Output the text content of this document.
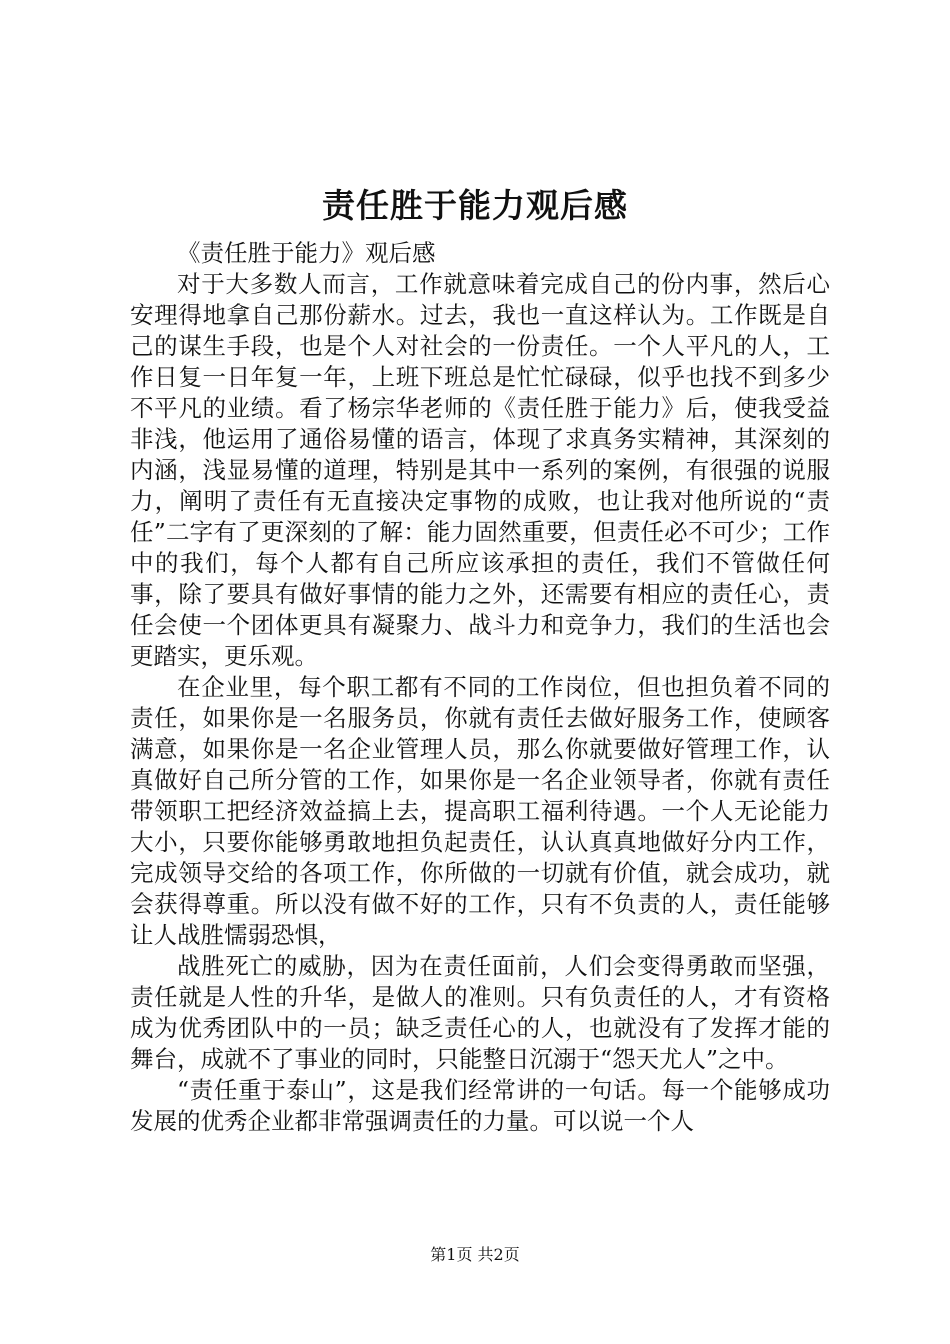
责任胜于能力观后感

《责任胜于能力》观后感

对于大多数人而言，工作就意味着完成自己的份内事，然后心安理得地拿自己那份薪水。过去，我也一直这样认为。工作既是自己的谋生手段，也是个人对社会的一份责任。一个人平凡的人，工作日复一日年复一年，上班下班总是忙忙碌碌，似乎也找不到多少不平凡的业绩。看了杨宗华老师的《责任胜于能力》后，使我受益非浅，他运用了通俗易懂的语言，体现了求真务实精神，其深刻的内涵，浅显易懂的道理，特别是其中一系列的案例，有很强的说服力，阐明了责任有无直接决定事物的成败，也让我对他所说的“责任”二字有了更深刻的了解：能力固然重要，但责任必不可少；工作中的我们，每个人都有自己所应该承担的责任，我们不管做任何事，除了要具有做好事情的能力之外，还需要有相应的责任心，责任会使一个团体更具有凝聚力、战斗力和竞争力，我们的生活也会更踏实，更乐观。

在企业里，每个职工都有不同的工作岗位，但也担负着不同的责任，如果你是一名服务员，你就有责任去做好服务工作，使顾客满意，如果你是一名企业管理人员，那么你就要做好管理工作，认真做好自己所分管的工作，如果你是一名企业领导者，你就有责任带领职工把经济效益搞上去，提高职工福利待遇。一个人无论能力大小，只要你能够勇敢地担负起责任，认认真真地做好分内工作，完成领导交给的各项工作，你所做的一切就有价值，就会成功，就会获得尊重。所以没有做不好的工作，只有不负责的人，责任能够让人战胜懦弱恐惧，

战胜死亡的威胁，因为在责任面前，人们会变得勇敢而坚强，责任就是人性的升华，是做人的准则。只有负责任的人，才有资格成为优秀团队中的一员；缺乏责任心的人，也就没有了发挥才能的舞台，成就不了事业的同时，只能整日沉溺于“怨天尤人”之中。

“责任重于泰山”，这是我们经常讲的一句话。每一个能够成功发展的优秀企业都非常强调责任的力量。可以说一个人

第1页 共2页
